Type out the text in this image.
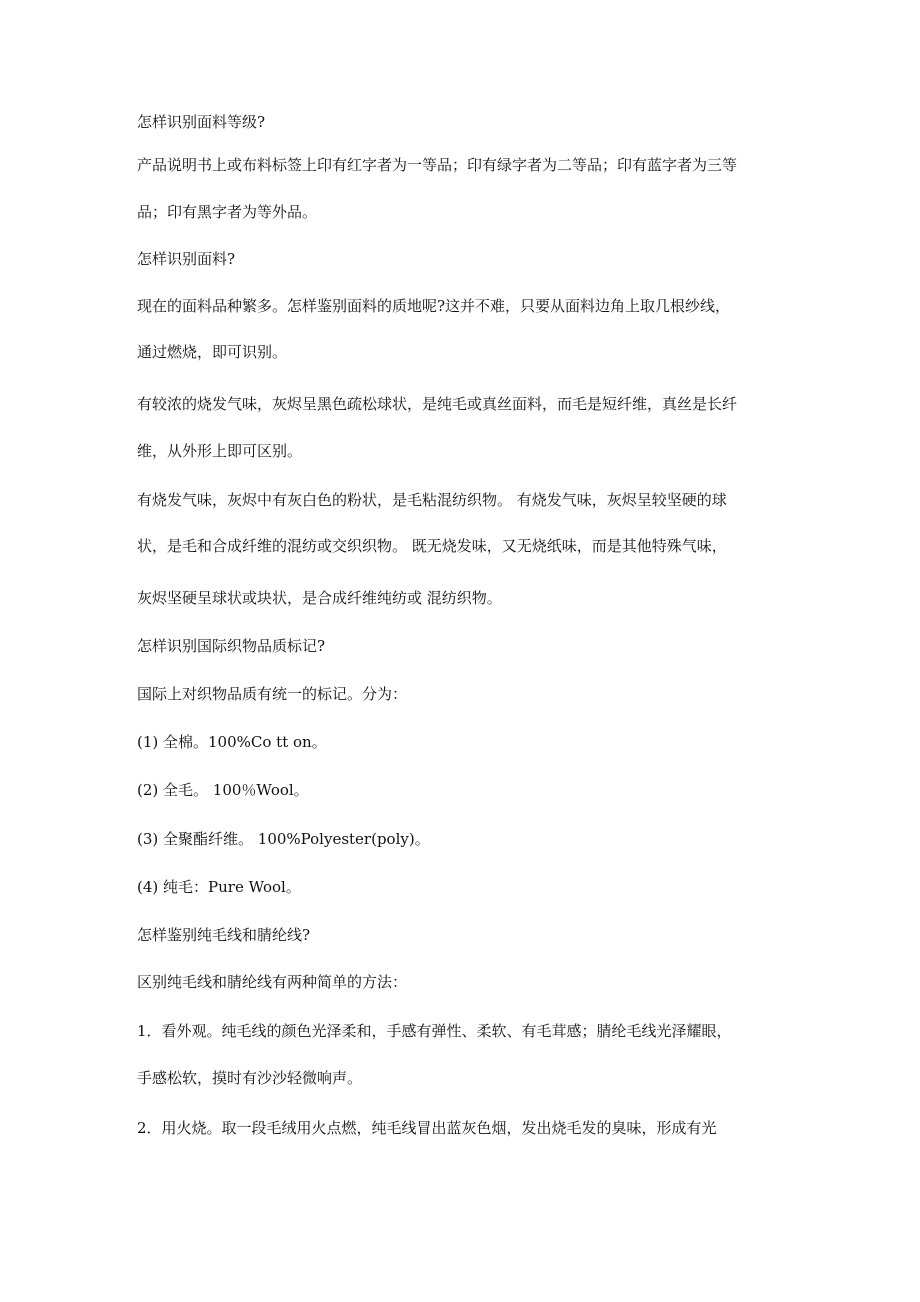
怎样识别面料等级?
产品说明书上或布料标签上印有红字者为一等品；印有绿字者为二等品；印有蓝字者为三等
品；印有黑字者为等外品。
怎样识别面料?
现在的面料品种繁多。怎样鉴别面料的质地呢?这并不难，只要从面料边角上取几根纱线，
通过燃烧，即可识别。
有较浓的烧发气味，灰烬呈黑色疏松球状，是纯毛或真丝面料，而毛是短纤维，真丝是长纤
维，从外形上即可区别。
有烧发气味，灰烬中有灰白色的粉状，是毛粘混纺织物。 有烧发气味，灰烬呈较坚硬的球
状，是毛和合成纤维的混纺或交织织物。 既无烧发味，又无烧纸味，而是其他特殊气味，
灰烬坚硬呈球状或块状，是合成纤维纯纺或 混纺织物。
怎样识别国际织物品质标记?
国际上对织物品质有统一的标记。分为：
(1) 全棉。100%Co tt on。
(2) 全毛。 100％Wool。
(3) 全聚酯纤维。 100%Polyester(poly)。
(4) 纯毛：Pure Wool。
怎样鉴别纯毛线和腈纶线?
区别纯毛线和腈纶线有两种简单的方法：
1．看外观。纯毛线的颜色光泽柔和，手感有弹性、柔软、有毛茸感；腈纶毛线光泽耀眼，
手感松软，摸时有沙沙轻微响声。
2．用火烧。取一段毛绒用火点燃，纯毛线冒出蓝灰色烟，发出烧毛发的臭味，形成有光
